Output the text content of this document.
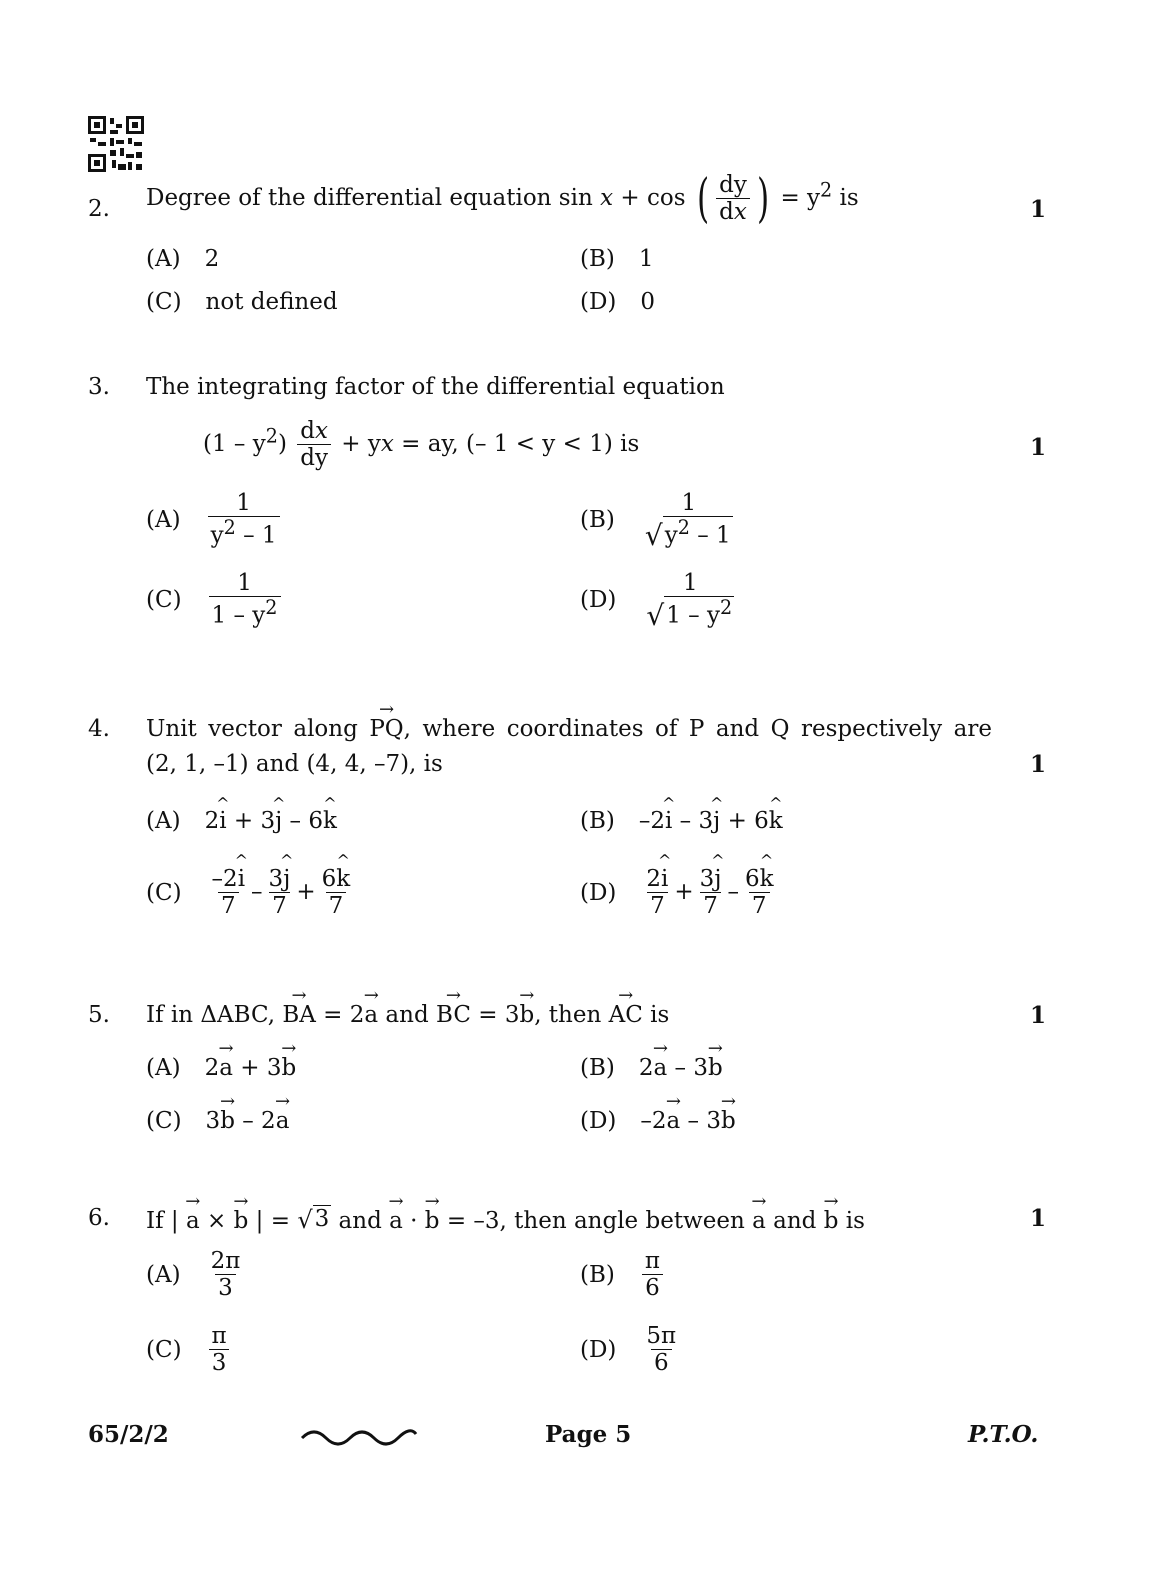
2. Degree of the differential equation sin x + cos ( $\frac{dy}{dx}$ ) = $y^2$ is	1
(A) 2	(B) 1
(C) not defined	(D) 0
3. The integrating factor of the differential equation
$(1 - y^2) \frac{dx}{dy}$ + yx = ay, (– 1 < y < 1) is	1
$(A) \frac{1}{y^2 - 1}$	(B)
1
√ $y^2 - 1$
$(C) \frac{1}{1 - y^2}$	(D)
1
√ $1 - y^2$
4. Unit vector along → PQ, where coordinates of P and Q respectively are
(2, 1, –1) and (4, 4, –7), is	1
(A) 2^ i + 3^ j – 6^ k	(B) –2^ i – 3^ j + 6^ k
$(C) \frac{-2\^{} i}{7} - \frac{3\^{} j}{7} + \frac{6\^{} k}{7}$	$(D) \frac{2\^{} i}{7} + \frac{3\^{} j}{7} - \frac{6\^{} k}{7}$
5. If in ΔABC, → BA = 2→ a and → BC = 3→ b, then → AC is	1
(A) 2→ a + 3→ b	(B) 2→ a – 3→ b
(C) 3→ b – 2→ a	(D) –2→ a – 3→ b
6. If | → a × → b | = √ 3 and → a · → b = –3, then angle between → a and → b is	1
$(A) \frac{2\pi}{3}$	$(B) \frac{\pi}{6}$
$(C) \frac{\pi}{3}$	$(D) \frac{5\pi}{6}$
65/2/2	Page 5	P.T.O.
